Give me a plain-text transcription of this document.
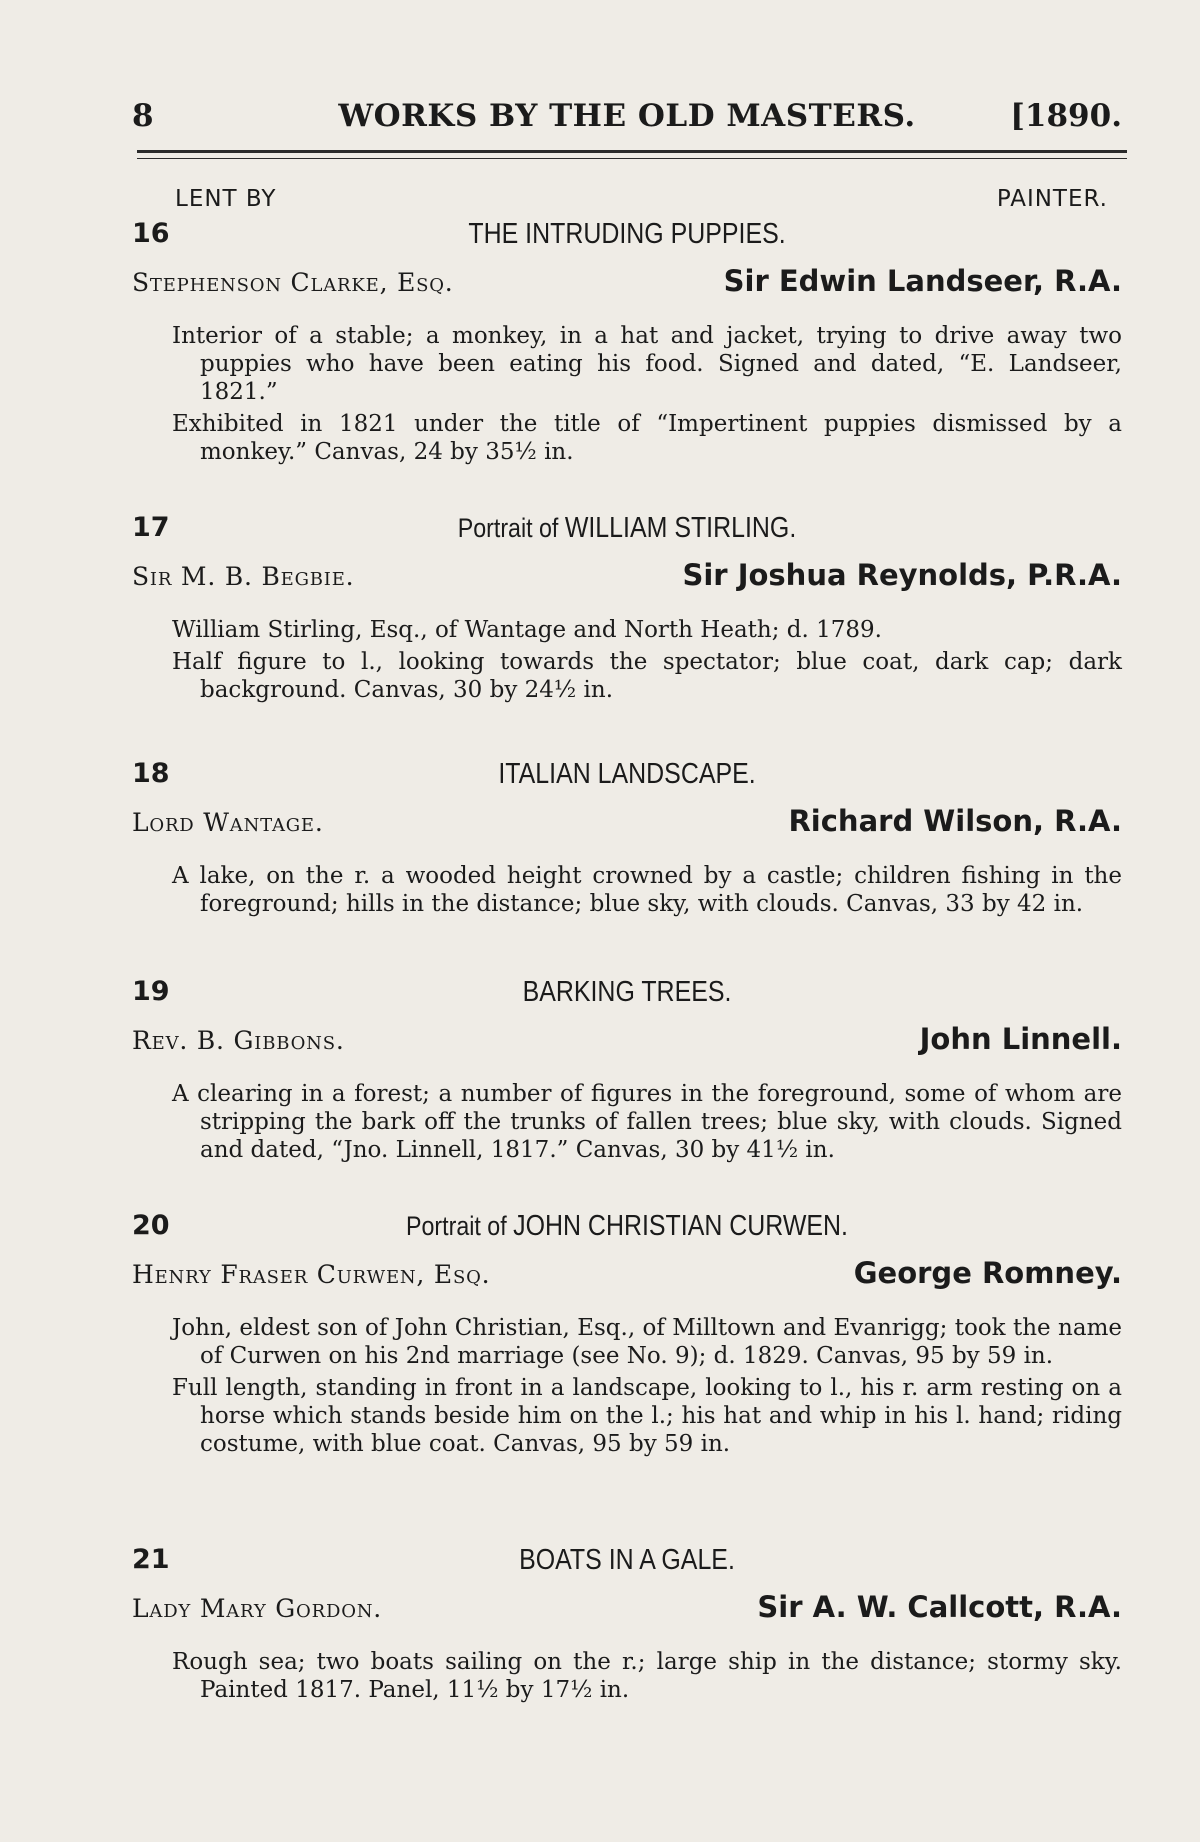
8	WORKS BY THE OLD MASTERS.	[1890.
LENT BY	PAINTER.
16	THE INTRUDING PUPPIES.
Stephenson Clarke, Esq.	Sir Edwin Landseer, R.A.

Interior of a stable; a monkey, in a hat and jacket, trying to drive away two puppies who have been eating his food. Signed and dated, “E. Landseer, 1821.”

Exhibited in 1821 under the title of “Impertinent puppies dismissed by a monkey.” Canvas, 24 by 35½ in.

17	Portrait of WILLIAM STIRLING.
Sir M. B. Begbie.	Sir Joshua Reynolds, P.R.A.

William Stirling, Esq., of Wantage and North Heath; d. 1789.

Half figure to l., looking towards the spectator; blue coat, dark cap; dark background. Canvas, 30 by 24½ in.

18	ITALIAN LANDSCAPE.
Lord Wantage.	Richard Wilson, R.A.

A lake, on the r. a wooded height crowned by a castle; children fishing in the foreground; hills in the distance; blue sky, with clouds. Canvas, 33 by 42 in.

19	BARKING TREES.
Rev. B. Gibbons.	John Linnell.

A clearing in a forest; a number of figures in the foreground, some of whom are stripping the bark off the trunks of fallen trees; blue sky, with clouds. Signed and dated, “Jno. Linnell, 1817.” Canvas, 30 by 41½ in.

20	Portrait of JOHN CHRISTIAN CURWEN.
Henry Fraser Curwen, Esq.	George Romney.

John, eldest son of John Christian, Esq., of Milltown and Evanrigg; took the name of Curwen on his 2nd marriage (see No. 9); d. 1829. Canvas, 95 by 59 in.

Full length, standing in front in a landscape, looking to l., his r. arm resting on a horse which stands beside him on the l.; his hat and whip in his l. hand; riding costume, with blue coat. Canvas, 95 by 59 in.

21	BOATS IN A GALE.
Lady Mary Gordon.	Sir A. W. Callcott, R.A.

Rough sea; two boats sailing on the r.; large ship in the distance; stormy sky. Painted 1817. Panel, 11½ by 17½ in.
